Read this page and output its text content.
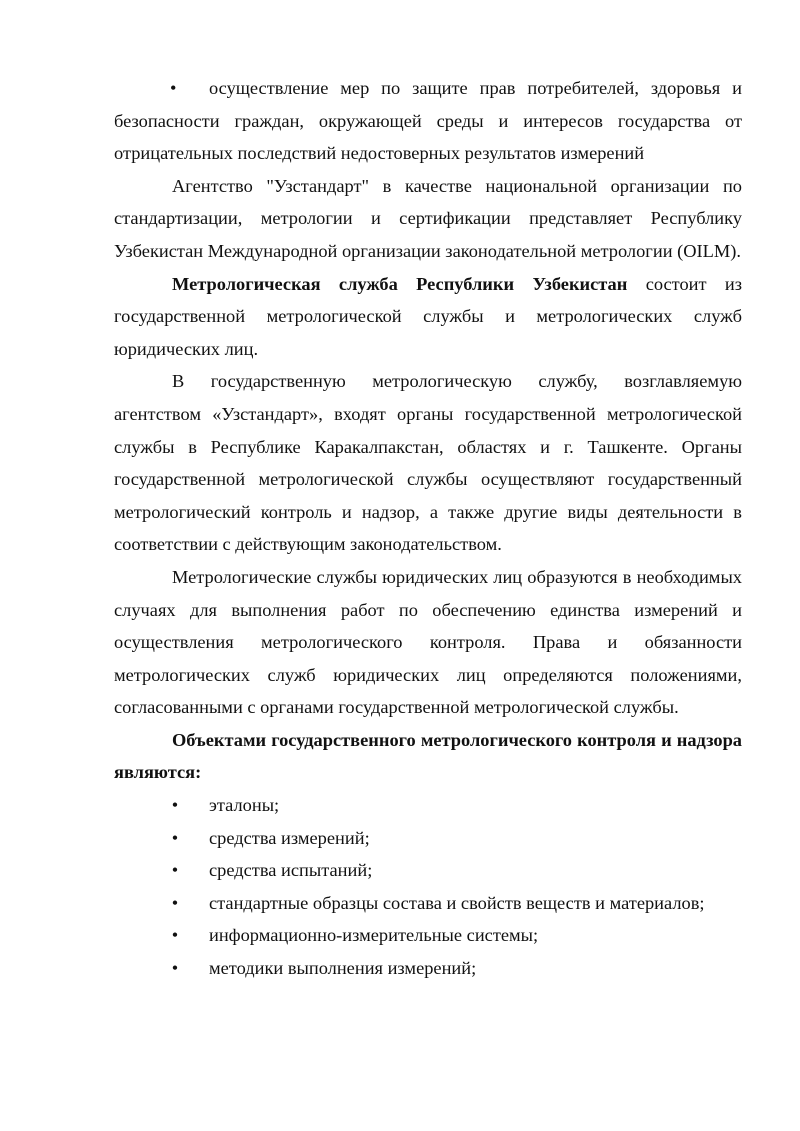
• осуществление мер по защите прав потребителей, здоровья и
безопасности граждан, окружающей среды и интересов государства от отрицательных последствий недостоверных результатов измерений

Агентство "Узстандарт" в качестве национальной организации по стандартизации, метрологии и сертификации представляет Республику Узбекистан Международной организации законодательной метрологии (OILM).

Метрологическая служба Республики Узбекистан состоит из государственной метрологической службы и метрологических служб юридических лиц.

В государственную метрологическую службу, возглавляемую агентством «Узстандарт», входят органы государственной метрологической службы в Республике Каракалпакстан, областях и г. Ташкенте. Органы государственной метрологической службы осуществляют государственный метрологический контроль и надзор, а также другие виды деятельности в соответствии с действующим законодательством.

Метрологические службы юридических лиц образуются в необходимых случаях для выполнения работ по обеспечению единства измерений и осуществления метрологического контроля. Права и обязанности метрологических служб юридических лиц определяются положениями, согласованными с органами государственной метрологической службы.

Объектами государственного метрологического контроля и надзора являются:

• эталоны;
• средства измерений;
• средства испытаний;
• стандартные образцы состава и свойств веществ и материалов;
• информационно-измерительные системы;
• методики выполнения измерений;
